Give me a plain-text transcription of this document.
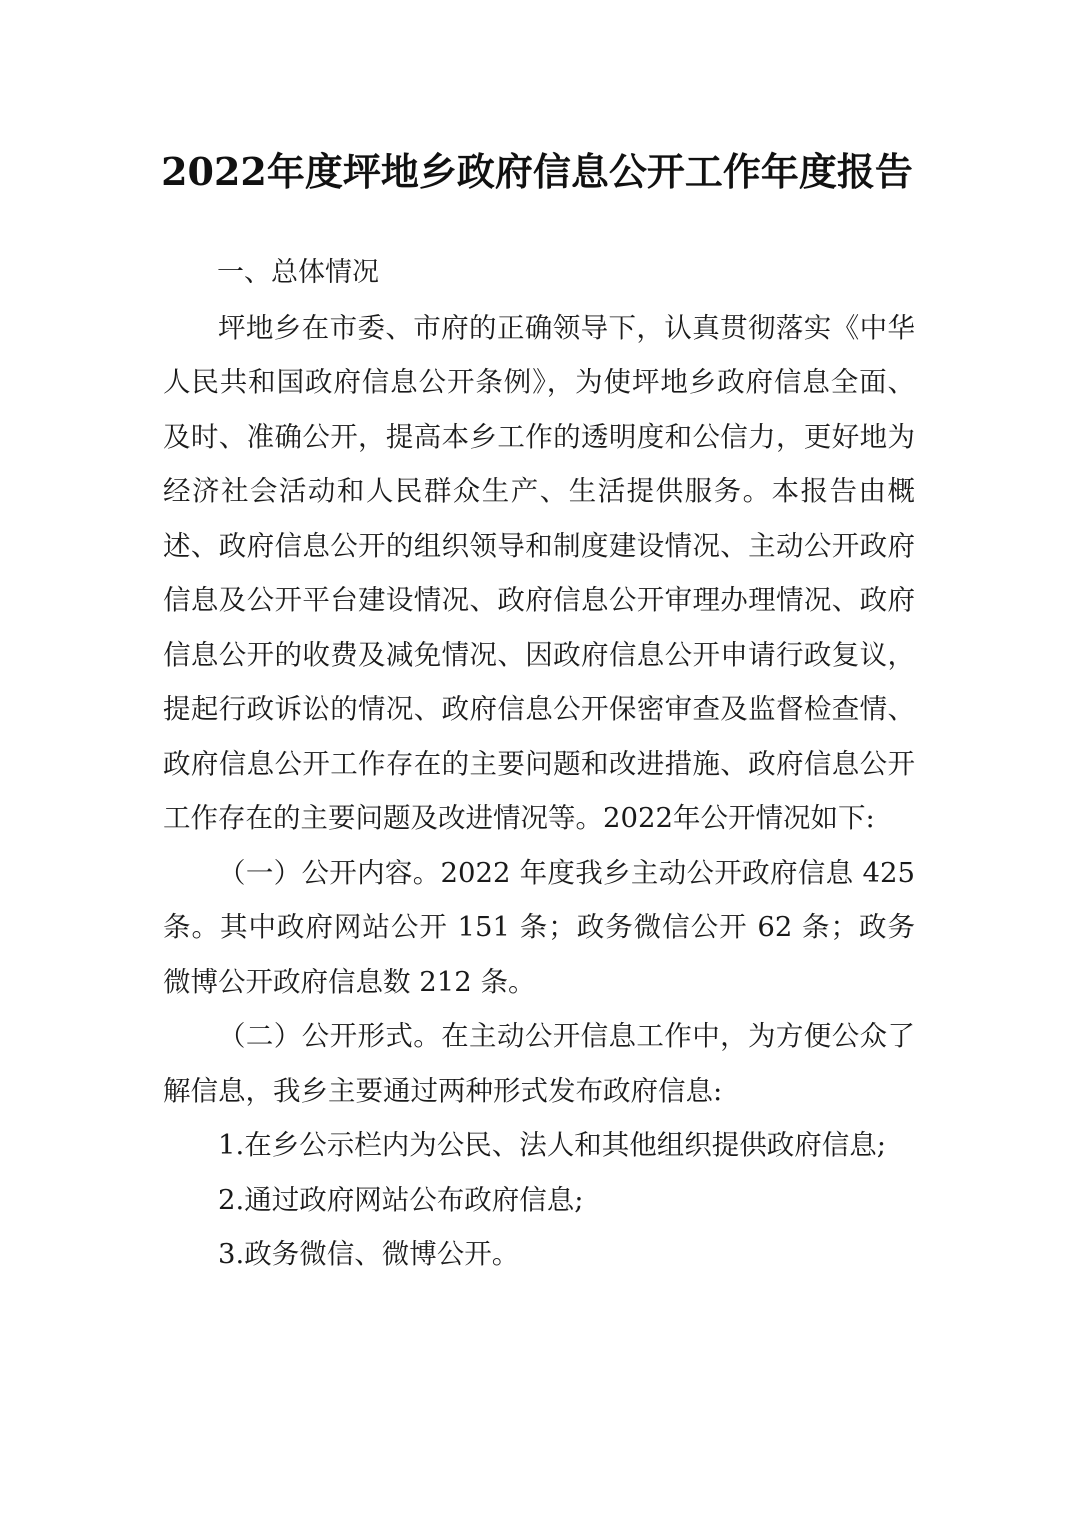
2022年度坪地乡政府信息公开工作年度报告

一、总体情况

坪地乡在市委、市府的正确领导下，认真贯彻落实《中华人民共和国政府信息公开条例》，为使坪地乡政府信息全面、及时、准确公开，提高本乡工作的透明度和公信力，更好地为经济社会活动和人民群众生产、生活提供服务。本报告由概述、政府信息公开的组织领导和制度建设情况、主动公开政府信息及公开平台建设情况、政府信息公开审理办理情况、政府信息公开的收费及减免情况、因政府信息公开申请行政复议，提起行政诉讼的情况、政府信息公开保密审查及监督检查情、政府信息公开工作存在的主要问题和改进措施、政府信息公开工作存在的主要问题及改进情况等。2022年公开情况如下:

（一）公开内容。2022 年度我乡主动公开政府信息 425 条。其中政府网站公开 151 条；政务微信公开 62 条；政务微博公开政府信息数 212 条。

（二）公开形式。在主动公开信息工作中，为方便公众了解信息，我乡主要通过两种形式发布政府信息:

1.在乡公示栏内为公民、法人和其他组织提供政府信息;

2.通过政府网站公布政府信息;

3.政务微信、微博公开。
